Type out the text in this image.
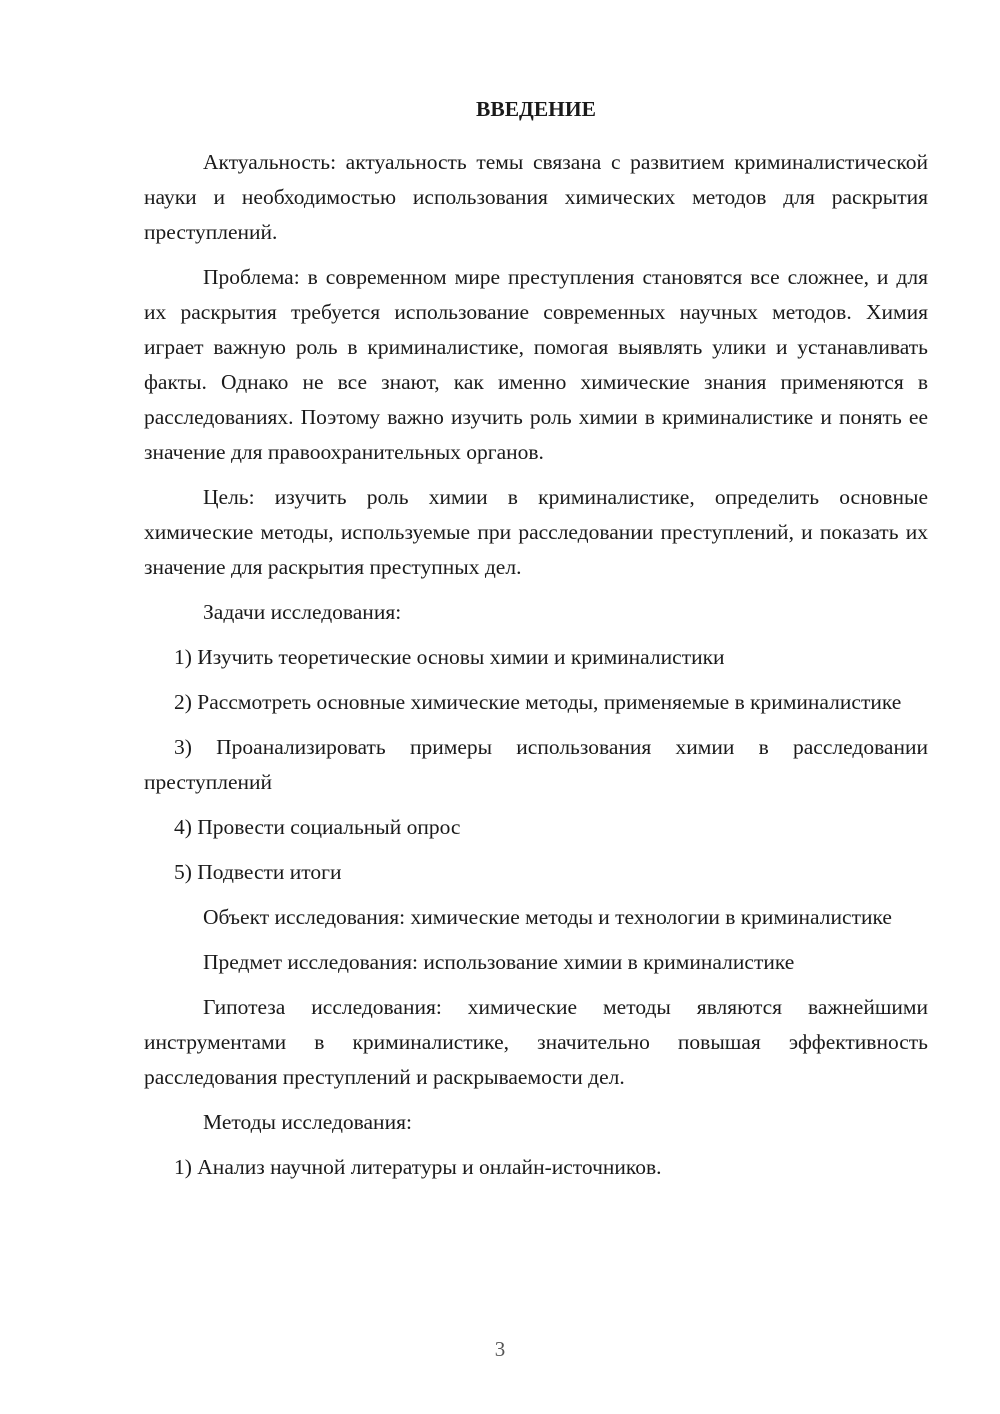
ВВЕДЕНИЕ

Актуальность: актуальность темы связана с развитием криминалистической науки и необходимостью использования химических методов для раскрытия преступлений.

Проблема: в современном мире преступления становятся все сложнее, и для их раскрытия требуется использование современных научных методов. Химия играет важную роль в криминалистике, помогая выявлять улики и устанавливать факты. Однако не все знают, как именно химические знания применяются в расследованиях. Поэтому важно изучить роль химии в криминалистике и понять ее значение для правоохранительных органов.

Цель: изучить роль химии в криминалистике, определить основные химические методы, используемые при расследовании преступлений, и показать их значение для раскрытия преступных дел.

Задачи исследования:

1) Изучить теоретические основы химии и криминалистики

2) Рассмотреть основные химические методы, применяемые в криминалистике

3) Проанализировать примеры использования химии в расследовании преступлений

4) Провести социальный опрос

5) Подвести итоги

Объект исследования: химические методы и технологии в криминалистике

Предмет исследования: использование химии в криминалистике

Гипотеза исследования: химические методы являются важнейшими инструментами в криминалистике, значительно повышая эффективность расследования преступлений и раскрываемости дел.

Методы исследования:

1) Анализ научной литературы и онлайн-источников.

3
